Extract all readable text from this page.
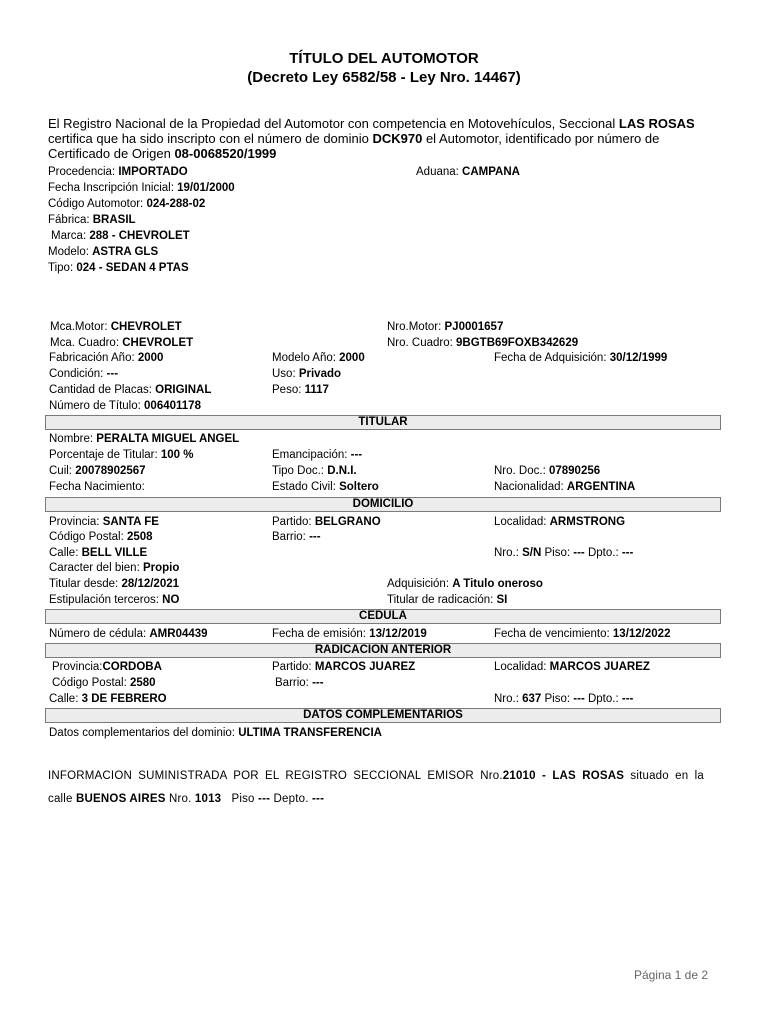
TÍTULO DEL AUTOMOTOR
(Decreto Ley 6582/58 - Ley Nro. 14467)
El Registro Nacional de la Propiedad del Automotor con competencia en Motovehículos, Seccional LAS ROSAS certifica que ha sido inscripto con el número de dominio DCK970 el Automotor, identificado por número de Certificado de Origen 08-0068520/1999
Procedencia: IMPORTADO	Aduana: CAMPANA
Fecha Inscripción Inicial: 19/01/2000
Código Automotor: 024-288-02
Fábrica: BRASIL
Marca: 288 - CHEVROLET
Modelo: ASTRA GLS
Tipo: 024 - SEDAN 4 PTAS
Mca.Motor: CHEVROLET	Nro.Motor: PJ0001657
Mca. Cuadro: CHEVROLET	Nro. Cuadro: 9BGTB69FOXB342629
Fabricación Año: 2000	Modelo Año: 2000	Fecha de Adquisición: 30/12/1999
Condición: ---	Uso: Privado
Cantidad de Placas: ORIGINAL	Peso: 1117
Número de Título: 006401178
TITULAR
Nombre: PERALTA MIGUEL ANGEL
Porcentaje de Titular: 100 %	Emancipación: ---
Cuil: 20078902567	Tipo Doc.: D.N.I.	Nro. Doc.: 07890256
Fecha Nacimiento:	Estado Civil: Soltero	Nacionalidad: ARGENTINA
DOMICILIO
Provincia: SANTA FE	Partido: BELGRANO	Localidad: ARMSTRONG
Código Postal: 2508	Barrio: ---
Calle: BELL VILLE	Nro.: S/N Piso: --- Dpto.: ---
Caracter del bien: Propio
Titular desde: 28/12/2021	Adquisición: A Titulo oneroso
Estipulación terceros: NO	Titular de radicación: SI
CEDULA
Número de cédula: AMR04439	Fecha de emisión: 13/12/2019	Fecha de vencimiento: 13/12/2022
RADICACION ANTERIOR
Provincia:CORDOBA	Partido: MARCOS JUAREZ	Localidad: MARCOS JUAREZ
Código Postal: 2580	Barrio: ---
Calle: 3 DE FEBRERO	Nro.: 637 Piso: --- Dpto.: ---
DATOS COMPLEMENTARIOS
Datos complementarios del dominio: ULTIMA TRANSFERENCIA
INFORMACION SUMINISTRADA POR EL REGISTRO SECCIONAL EMISOR Nro.21010 - LAS ROSAS situado en la
calle BUENOS AIRES Nro. 1013   Piso --- Depto. ---
Página 1 de 2
